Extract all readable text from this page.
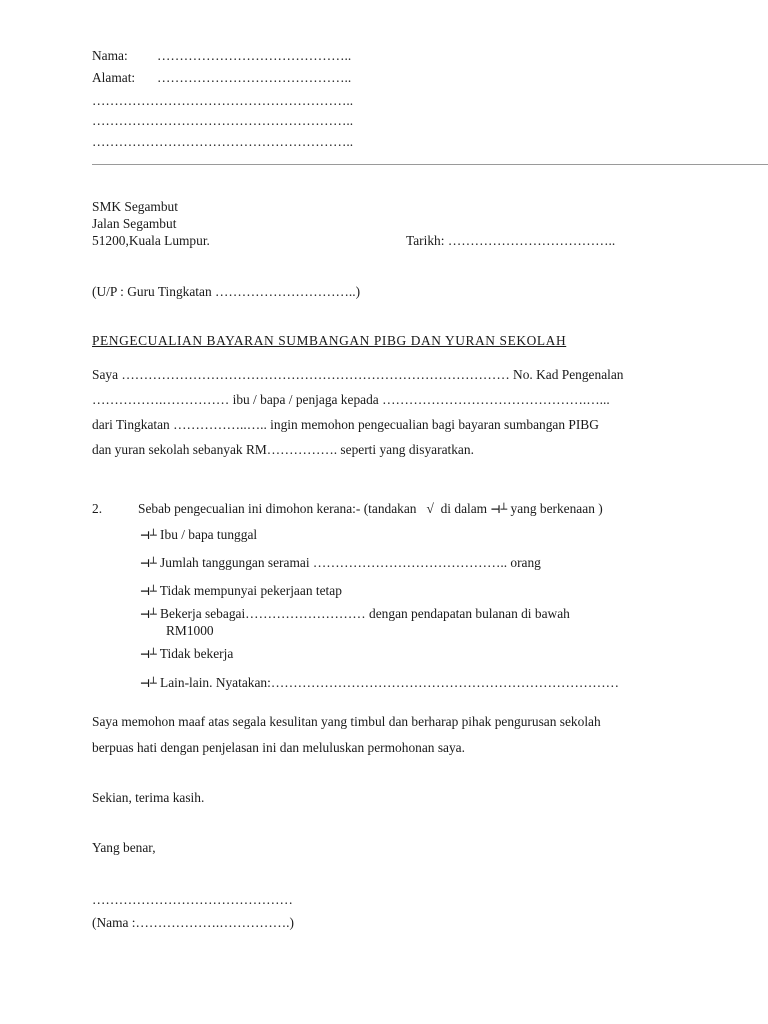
Nama: ……………………………………..
Alamat: ……………………………………..
…………………………………………………..
…………………………………………………..
…………………………………………………..
SMK Segambut
Jalan Segambut
51200,Kuala Lumpur.	Tarikh: ………………………………..
(U/P : Guru Tingkatan …………………………..)
PENGECUALIAN BAYARAN SUMBANGAN PIBG DAN YURAN SEKOLAH
Saya …………………………………………………………………………… No. Kad Pengenalan
…………….…………… ibu / bapa / penjaga kepada ……………………………………….…...
dari Tingkatan ……………..….. ingin memohon pengecualian bagi bayaran sumbangan PIBG
dan yuran sekolah sebanyak RM……………. seperti yang disyaratkan.
2.	Sebab pengecualian ini dimohon kerana:- (tandakan √ di dalam ⊣┴ yang berkenaan )
⊣┴ Ibu / bapa tunggal
⊣┴ Jumlah tanggungan seramai …………………………………….. orang
⊣┴ Tidak mempunyai pekerjaan tetap
⊣┴ Bekerja sebagai……………………… dengan pendapatan bulanan di bawah
RM1000
⊣┴ Tidak bekerja
⊣┴ Lain-lain. Nyatakan:……………………………………………………………………
Saya memohon maaf atas segala kesulitan yang timbul dan berharap pihak pengurusan sekolah
berpuas hati dengan penjelasan ini dan meluluskan permohonan saya.
Sekian, terima kasih.
Yang benar,
………………………………………
(Nama :……………….…………….)
